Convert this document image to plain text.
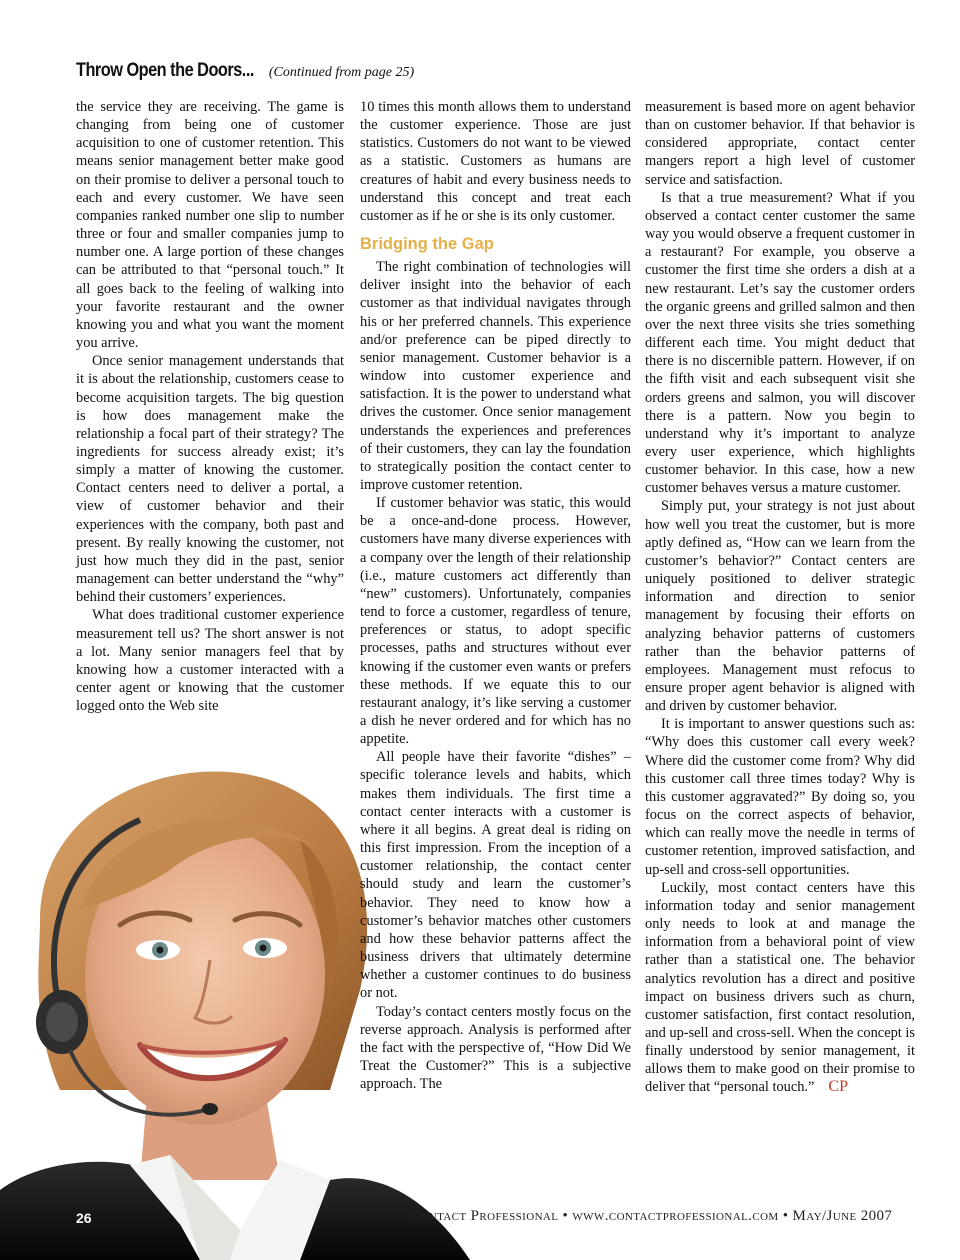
Throw Open the Doors... (Continued from page 25)

the service they are receiving. The game is changing from being one of customer acquisition to one of customer retention. This means senior management better make good on their promise to deliver a personal touch to each and every customer. We have seen companies ranked number one slip to number three or four and smaller companies jump to number one. A large portion of these changes can be attributed to that “personal touch.” It all goes back to the feeling of walking into your favorite restaurant and the owner knowing you and what you want the moment you arrive.

Once senior management understands that it is about the relationship, customers cease to become acquisition targets. The big question is how does management make the relationship a focal part of their strategy? The ingredients for success already exist; it’s simply a matter of knowing the customer. Contact centers need to deliver a portal, a view of customer behavior and their experiences with the company, both past and present. By really knowing the customer, not just how much they did in the past, senior management can better understand the “why” behind their customers’ experiences.

What does traditional customer experience measurement tell us? The short answer is not a lot. Many senior managers feel that by knowing how a customer interacted with a center agent or knowing that the customer logged onto the Web site

10 times this month allows them to understand the customer experience. Those are just statistics. Customers do not want to be viewed as a statistic. Customers as humans are creatures of habit and every business needs to understand this concept and treat each customer as if he or she is its only customer.

Bridging the Gap

The right combination of technologies will deliver insight into the behavior of each customer as that individual navigates through his or her preferred channels. This experience and/or preference can be piped directly to senior management. Customer behavior is a window into customer experience and satisfaction. It is the power to understand what drives the customer. Once senior management understands the experiences and preferences of their customers, they can lay the foundation to strategically position the contact center to improve customer retention.

If customer behavior was static, this would be a once-and-done process. However, customers have many diverse experiences with a company over the length of their relationship (i.e., mature customers act differently than “new” customers). Unfortunately, companies tend to force a customer, regardless of tenure, preferences or status, to adopt specific processes, paths and structures without ever knowing if the customer even wants or prefers these methods. If we equate this to our restaurant analogy, it’s like serving a customer a dish he never ordered and for which has no appetite.

All people have their favorite “dishes” – specific tolerance levels and habits, which makes them individuals. The first time a contact center interacts with a customer is where it all begins. A great deal is riding on this first impression. From the inception of a customer relationship, the contact center should study and learn the customer’s behavior. They need to know how a customer’s behavior matches other customers and how these behavior patterns affect the business drivers that ultimately determine whether a customer continues to do business or not.

Today’s contact centers mostly focus on the reverse approach. Analysis is performed after the fact with the perspective of, “How Did We Treat the Customer?” This is a subjective approach. The

measurement is based more on agent behavior than on customer behavior. If that behavior is considered appropriate, contact center mangers report a high level of customer service and satisfaction.

Is that a true measurement? What if you observed a contact center customer the same way you would observe a frequent customer in a restaurant? For example, you observe a customer the first time she orders a dish at a new restaurant. Let’s say the customer orders the organic greens and grilled salmon and then over the next three visits she tries something different each time. You might deduct that there is no discernible pattern. However, if on the fifth visit and each subsequent visit she orders greens and salmon, you will discover there is a pattern. Now you begin to understand why it’s important to analyze every user experience, which highlights customer behavior. In this case, how a new customer behaves versus a mature customer.

Simply put, your strategy is not just about how well you treat the customer, but is more aptly defined as, “How can we learn from the customer’s behavior?” Contact centers are uniquely positioned to deliver strategic information and direction to senior management by focusing their efforts on analyzing behavior patterns of customers rather than the behavior patterns of employees. Management must refocus to ensure proper agent behavior is aligned with and driven by customer behavior.

It is important to answer questions such as: “Why does this customer call every week? Where did the customer come from? Why did this customer call three times today? Why is this customer aggravated?” By doing so, you focus on the correct aspects of behavior, which can really move the needle in terms of customer retention, improved satisfaction, and up-sell and cross-sell opportunities.

Luckily, most contact centers have this information today and senior management only needs to look at and manage the information from a behavioral point of view rather than a statistical one. The behavior analytics revolution has a direct and positive impact on business drivers such as churn, customer satisfaction, first contact resolution, and up-sell and cross-sell. When the concept is finally understood by senior management, it allows them to make good on their promise to deliver that “personal touch.” CP

26	Contact Professional • www.contactprofessional.com • May/June 2007
